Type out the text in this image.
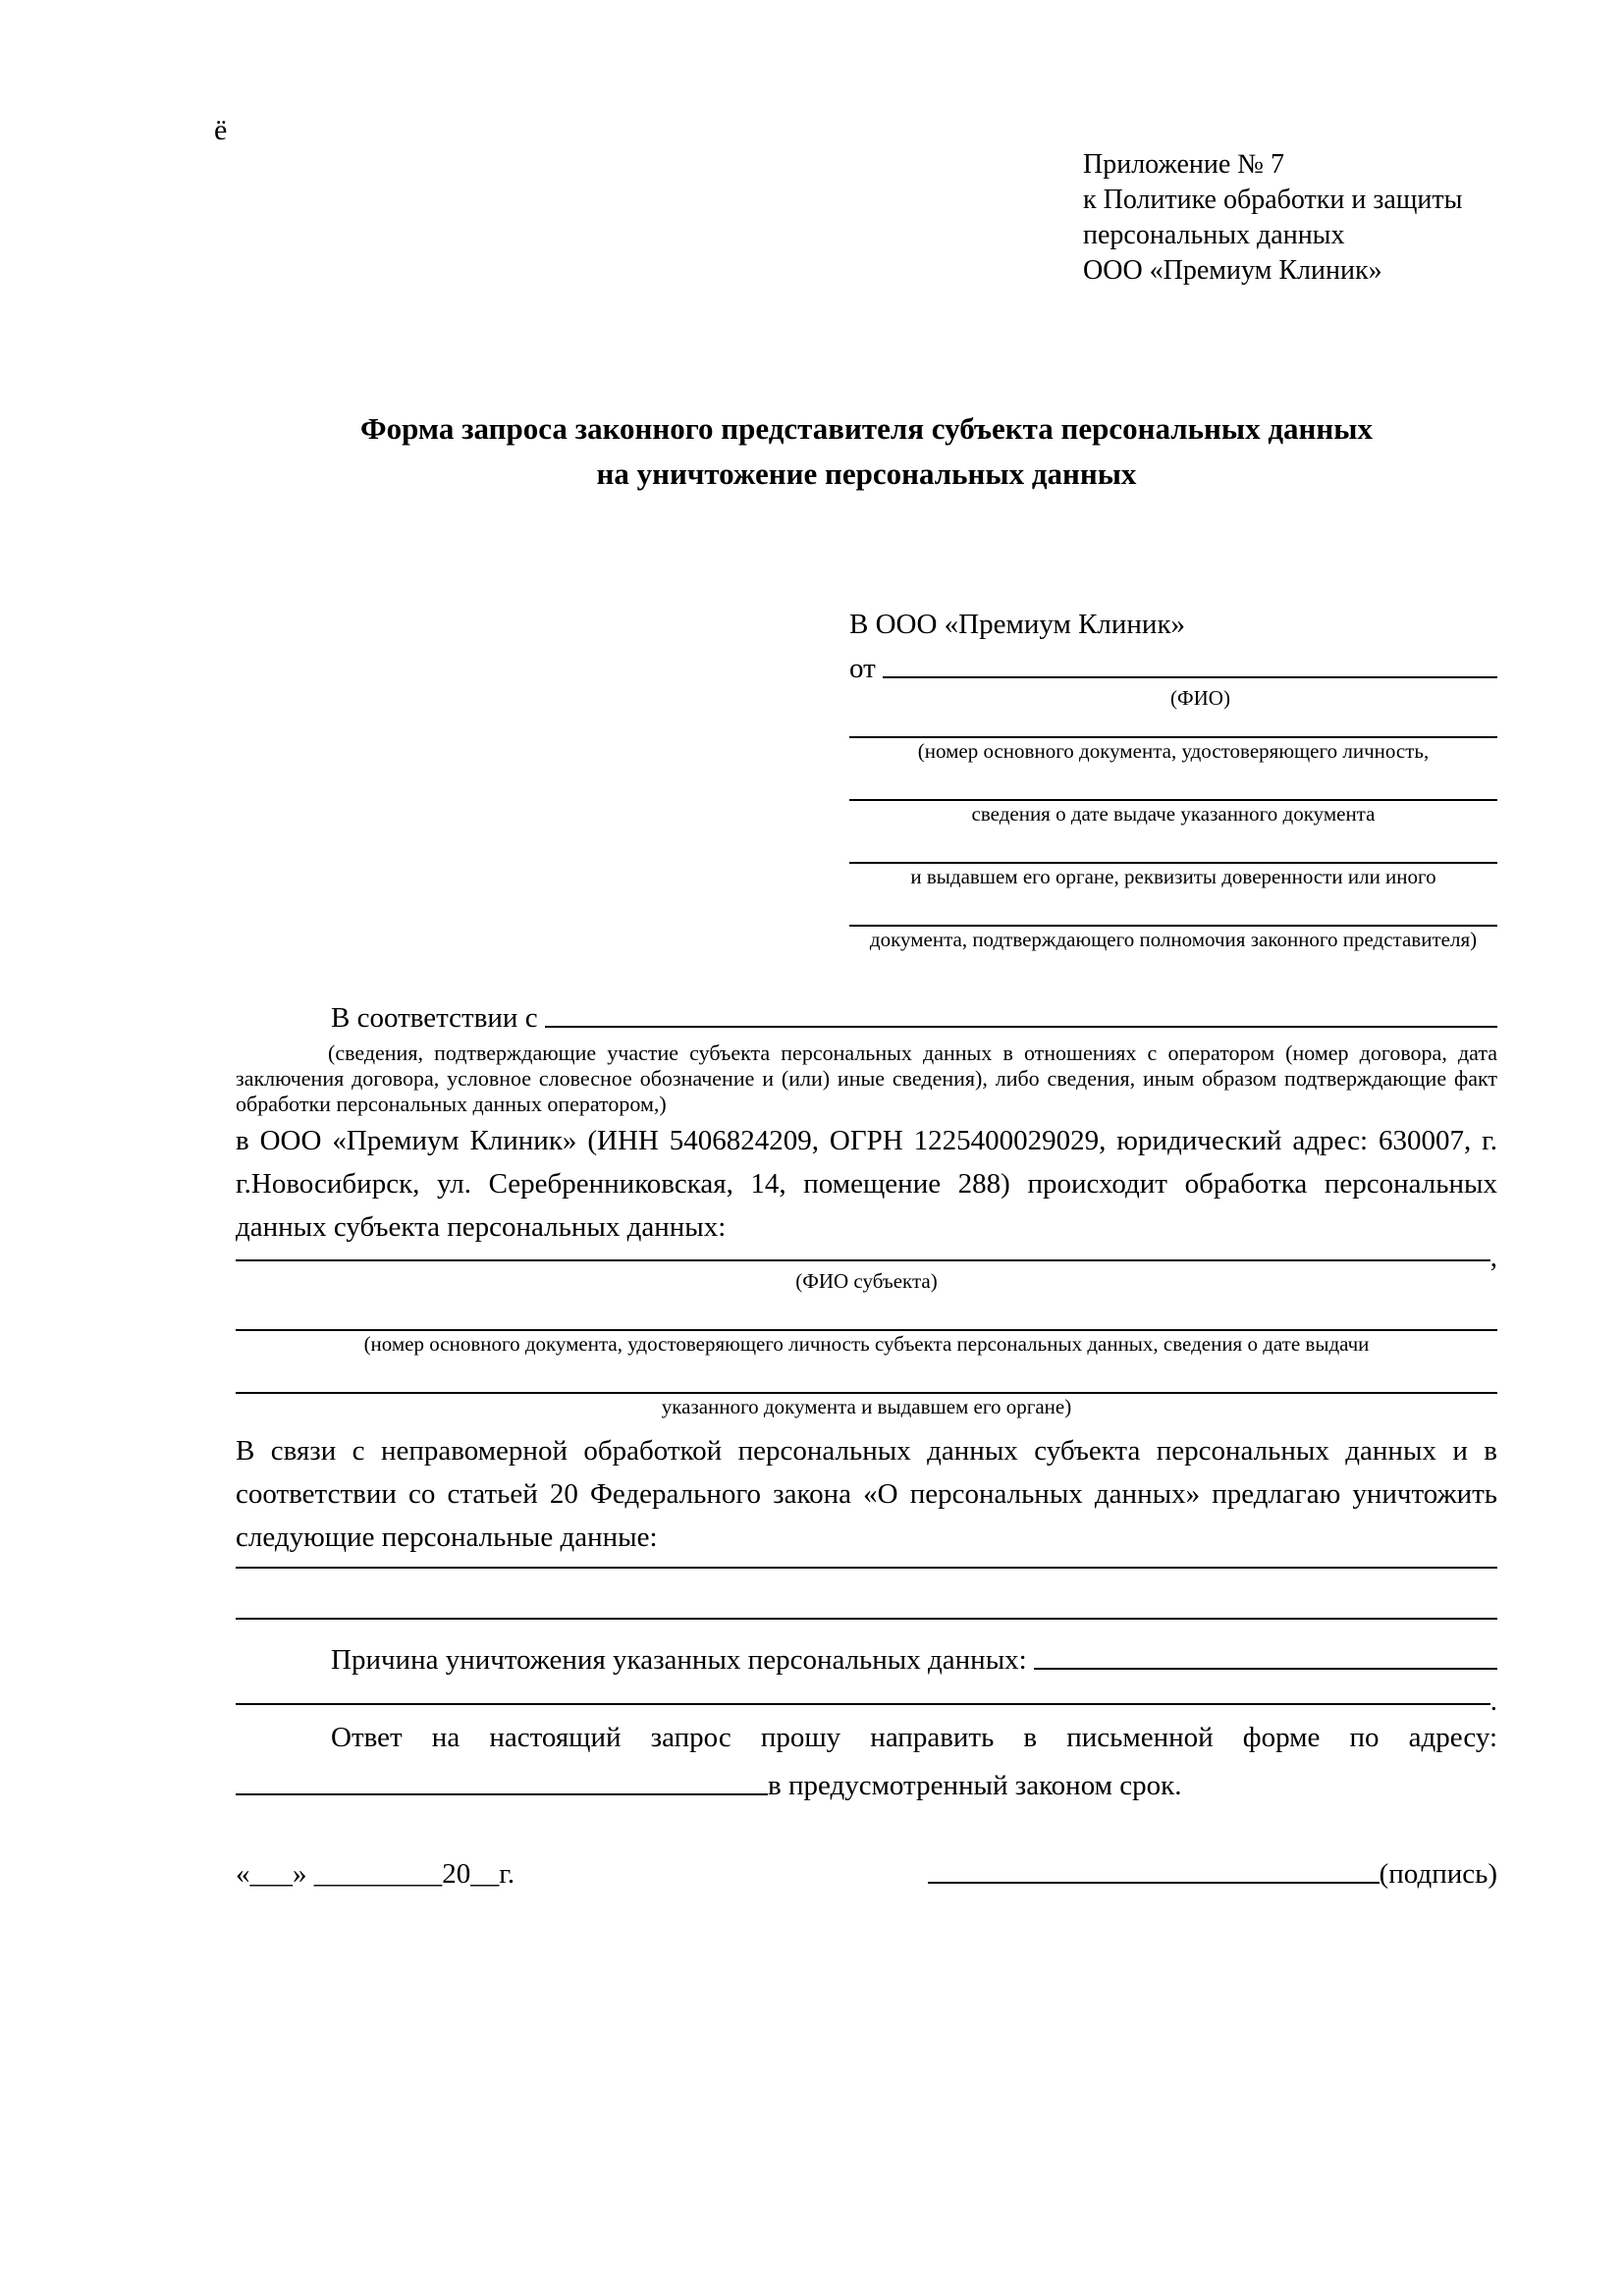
ё
Приложение № 7
к Политике обработки и защиты
персональных данных
ООО «Премиум Клиник»
Форма запроса законного представителя субъекта персональных данных
на уничтожение персональных данных
В ООО «Премиум Клиник»
от

(ФИО)
(номер основного документа, удостоверяющего личность,
сведения о дате выдаче указанного документа
и выдавшем его органе, реквизиты доверенности или иного
документа, подтверждающего полномочия законного представителя)
В соответствии с

(сведения, подтверждающие участие субъекта персональных данных в отношениях с оператором (номер договора, дата заключения договора, условное словесное обозначение и (или) иные сведения), либо сведения, иным образом подтверждающие факт обработки персональных данных оператором,)
в ООО «Премиум Клиник» (ИНН 5406824209, ОГРН 1225400029029, юридический адрес: 630007, г. г.Новосибирск, ул. Серебренниковская, 14, помещение 288) происходит обработка персональных данных субъекта персональных данных:
,
(ФИО субъекта)
(номер основного документа, удостоверяющего личность субъекта персональных данных, сведения о дате выдачи
указанного документа и выдавшем его органе)
В связи с неправомерной обработкой персональных данных субъекта персональных данных и в соответствии со статьей 20 Федерального закона «О персональных данных» предлагаю уничтожить следующие персональные данные:
Причина уничтожения указанных персональных данных:

.
Ответ на настоящий запрос прошу направить в письменной форме по адресу:
в предусмотренный законом срок.
«___» _________20__г.	(подпись)
